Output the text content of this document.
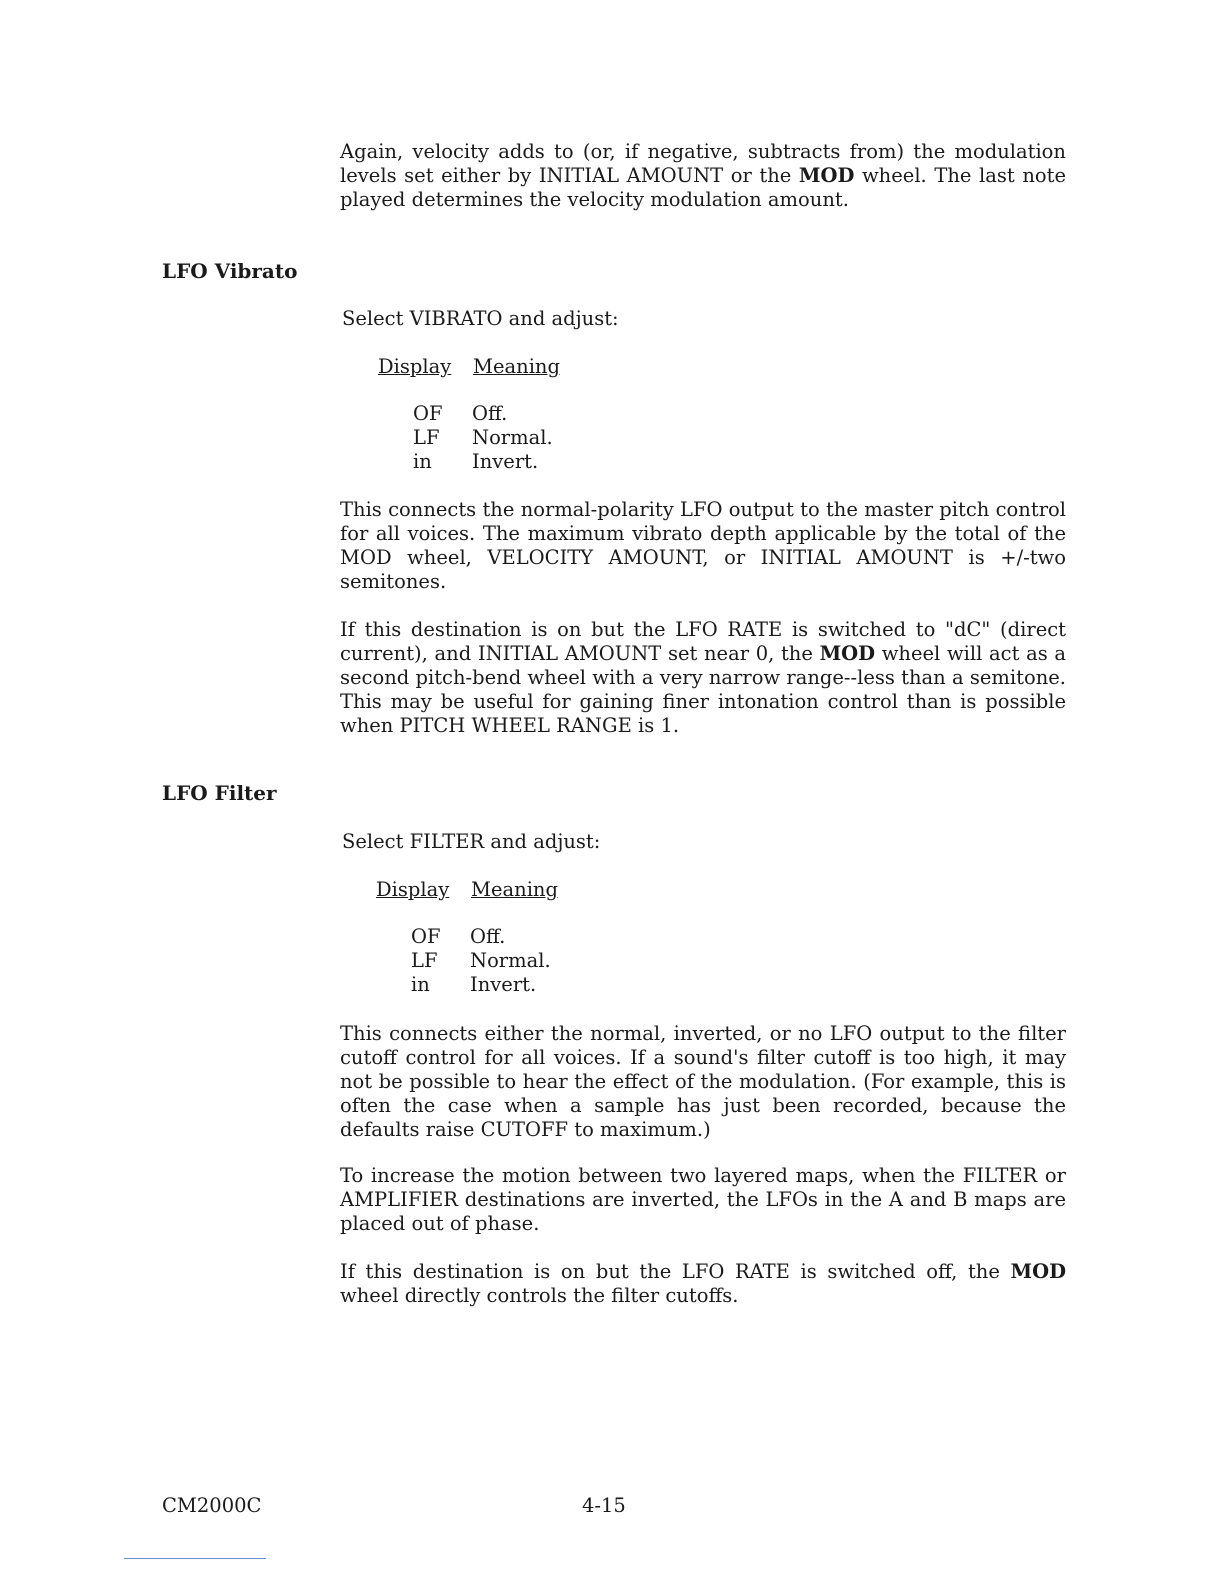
Again, velocity adds to (or, if negative, subtracts from) the modulation levels set either by INITIAL AMOUNT or the MOD wheel. The last note played determines the velocity modulation amount.

LFO Vibrato

Select VIBRATO and adjust:

Display Meaning
OF Off.
LF Normal.
in Invert.

This connects the normal-polarity LFO output to the master pitch control for all voices. The maximum vibrato depth applicable by the total of the MOD wheel, VELOCITY AMOUNT, or INITIAL AMOUNT is +/-two semitones.

If this destination is on but the LFO RATE is switched to "dC" (direct current), and INITIAL AMOUNT set near 0, the MOD wheel will act as a second pitch-bend wheel with a very narrow range--less than a semitone. This may be useful for gaining finer intonation control than is possible when PITCH WHEEL RANGE is 1.

LFO Filter

Select FILTER and adjust:

Display Meaning
OF Off.
LF Normal.
in Invert.

This connects either the normal, inverted, or no LFO output to the filter cutoff control for all voices. If a sound's filter cutoff is too high, it may not be possible to hear the effect of the modulation. (For example, this is often the case when a sample has just been recorded, because the defaults raise CUTOFF to maximum.)

To increase the motion between two layered maps, when the FILTER or AMPLIFIER destinations are inverted, the LFOs in the A and B maps are placed out of phase.

If this destination is on but the LFO RATE is switched off, the MOD wheel directly controls the filter cutoffs.

CM2000C	4-15
